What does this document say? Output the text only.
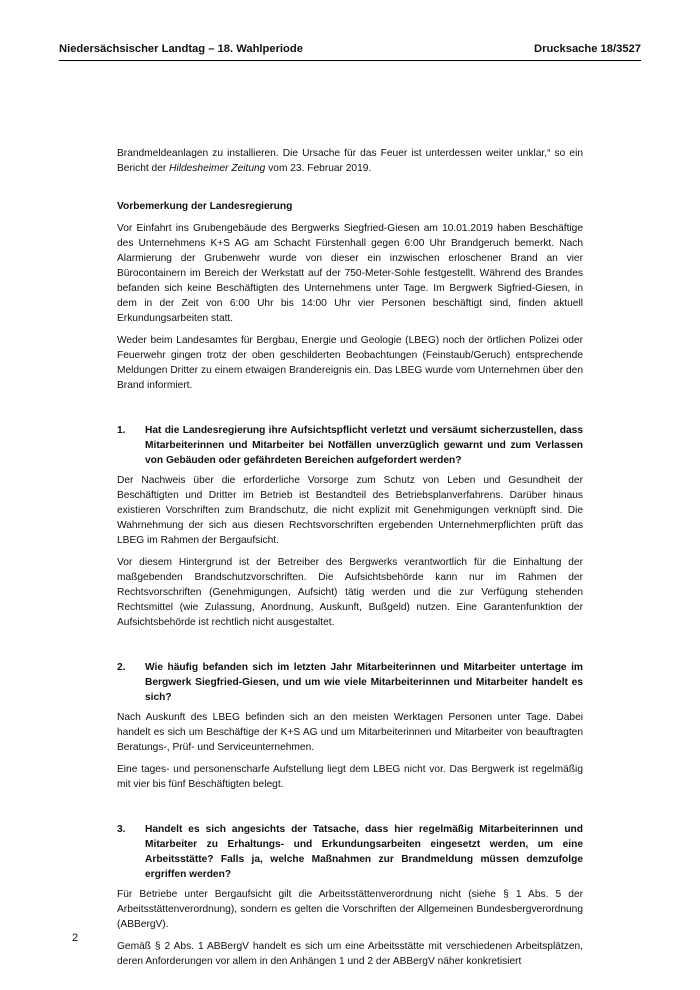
Niedersächsischer Landtag – 18. Wahlperiode	Drucksache 18/3527

Brandmeldeanlagen zu installieren. Die Ursache für das Feuer ist unterdessen weiter unklar,“ so ein Bericht der Hildesheimer Zeitung vom 23. Februar 2019.

Vorbemerkung der Landesregierung

Vor Einfahrt ins Grubengebäude des Bergwerks Siegfried-Giesen am 10.01.2019 haben Beschäftige des Unternehmens K+S AG am Schacht Fürstenhall gegen 6:00 Uhr Brandgeruch bemerkt. Nach Alarmierung der Grubenwehr wurde von dieser ein inzwischen erloschener Brand an vier Bürocontainern im Bereich der Werkstatt auf der 750-Meter-Sohle festgestellt. Während des Brandes befanden sich keine Beschäftigten des Unternehmens unter Tage. Im Bergwerk Sigfried-Giesen, in dem in der Zeit von 6:00 Uhr bis 14:00 Uhr vier Personen beschäftigt sind, finden aktuell Erkundungsarbeiten statt.

Weder beim Landesamtes für Bergbau, Energie und Geologie (LBEG) noch der örtlichen Polizei oder Feuerwehr gingen trotz der oben geschilderten Beobachtungen (Feinstaub/Geruch) entsprechende Meldungen Dritter zu einem etwaigen Brandereignis ein. Das LBEG wurde vom Unternehmen über den Brand informiert.

1. Hat die Landesregierung ihre Aufsichtspflicht verletzt und versäumt sicherzustellen, dass Mitarbeiterinnen und Mitarbeiter bei Notfällen unverzüglich gewarnt und zum Verlassen von Gebäuden oder gefährdeten Bereichen aufgefordert werden?

Der Nachweis über die erforderliche Vorsorge zum Schutz von Leben und Gesundheit der Beschäftigten und Dritter im Betrieb ist Bestandteil des Betriebsplanverfahrens. Darüber hinaus existieren Vorschriften zum Brandschutz, die nicht explizit mit Genehmigungen verknüpft sind. Die Wahrnehmung der sich aus diesen Rechtsvorschriften ergebenden Unternehmerpflichten prüft das LBEG im Rahmen der Bergaufsicht.

Vor diesem Hintergrund ist der Betreiber des Bergwerks verantwortlich für die Einhaltung der maßgebenden Brandschutzvorschriften. Die Aufsichtsbehörde kann nur im Rahmen der Rechtsvorschriften (Genehmigungen, Aufsicht) tätig werden und die zur Verfügung stehenden Rechtsmittel (wie Zulassung, Anordnung, Auskunft, Bußgeld) nutzen. Eine Garantenfunktion der Aufsichtsbehörde ist rechtlich nicht ausgestaltet.

2. Wie häufig befanden sich im letzten Jahr Mitarbeiterinnen und Mitarbeiter untertage im Bergwerk Siegfried-Giesen, und um wie viele Mitarbeiterinnen und Mitarbeiter handelt es sich?

Nach Auskunft des LBEG befinden sich an den meisten Werktagen Personen unter Tage. Dabei handelt es sich um Beschäftige der K+S AG und um Mitarbeiterinnen und Mitarbeiter von beauftragten Beratungs-, Prüf- und Serviceunternehmen.

Eine tages- und personenscharfe Aufstellung liegt dem LBEG nicht vor. Das Bergwerk ist regelmäßig mit vier bis fünf Beschäftigten belegt.

3. Handelt es sich angesichts der Tatsache, dass hier regelmäßig Mitarbeiterinnen und Mitarbeiter zu Erhaltungs- und Erkundungsarbeiten eingesetzt werden, um eine Arbeitsstätte? Falls ja, welche Maßnahmen zur Brandmeldung müssen demzufolge ergriffen werden?

Für Betriebe unter Bergaufsicht gilt die Arbeitsstättenverordnung nicht (siehe § 1 Abs. 5 der Arbeitsstättenverordnung), sondern es gelten die Vorschriften der Allgemeinen Bundesbergverordnung (ABBergV).

Gemäß § 2 Abs. 1 ABBergV handelt es sich um eine Arbeitsstätte mit verschiedenen Arbeitsplätzen, deren Anforderungen vor allem in den Anhängen 1 und 2 der ABBergV näher konkretisiert

2
